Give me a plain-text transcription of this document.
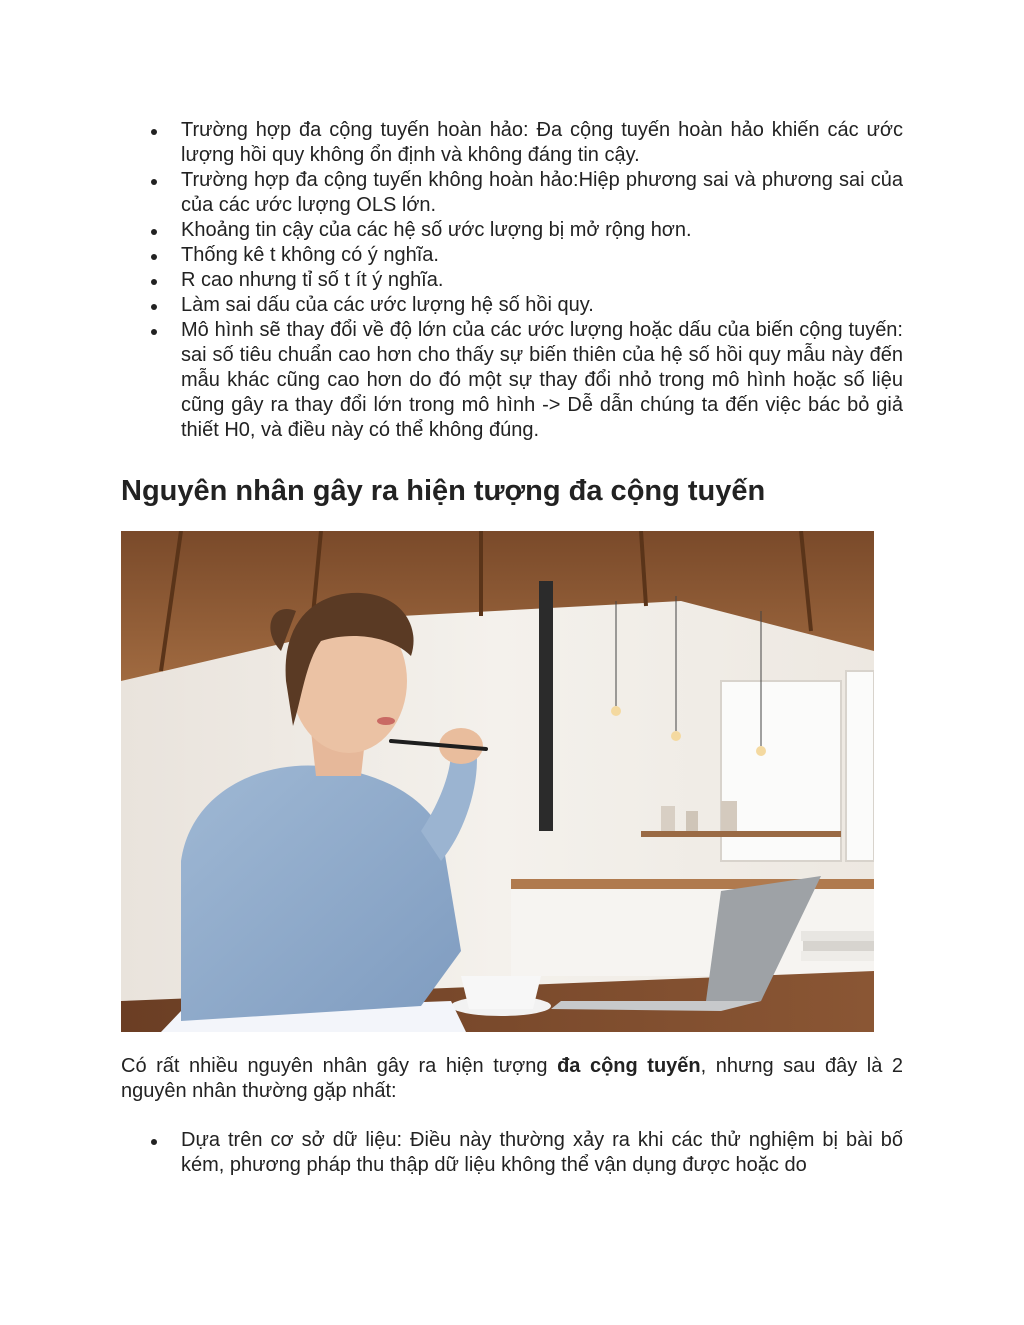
Trường hợp đa cộng tuyến hoàn hảo: Đa cộng tuyến hoàn hảo khiến các ước lượng hồi quy không ổn định và không đáng tin cậy.
Trường hợp đa cộng tuyến không hoàn hảo:Hiệp phương sai và phương sai của của các ước lượng OLS lớn.
Khoảng tin cậy của các hệ số ước lượng bị mở rộng hơn.
Thống kê t không có ý nghĩa.
R cao nhưng tỉ số t ít ý nghĩa.
Làm sai dấu của các ước lượng hệ số hồi quy.
Mô hình sẽ thay đổi về độ lớn của các ước lượng hoặc dấu của biến cộng tuyến: sai số tiêu chuẩn cao hơn cho thấy sự biến thiên của hệ số hồi quy mẫu này đến mẫu khác cũng cao hơn do đó một sự thay đổi nhỏ trong mô hình hoặc số liệu cũng gây ra thay đổi lớn trong mô hình -> Dễ dẫn chúng ta đến việc bác bỏ giả thiết H0, và điều này có thể không đúng.
Nguyên nhân gây ra hiện tượng đa cộng tuyến

Có rất nhiều nguyên nhân gây ra hiện tượng đa cộng tuyến, nhưng sau đây là 2 nguyên nhân thường gặp nhất:

Dựa trên cơ sở dữ liệu: Điều này thường xảy ra khi các thử nghiệm bị bài bố kém, phương pháp thu thập dữ liệu không thể vận dụng được hoặc do
